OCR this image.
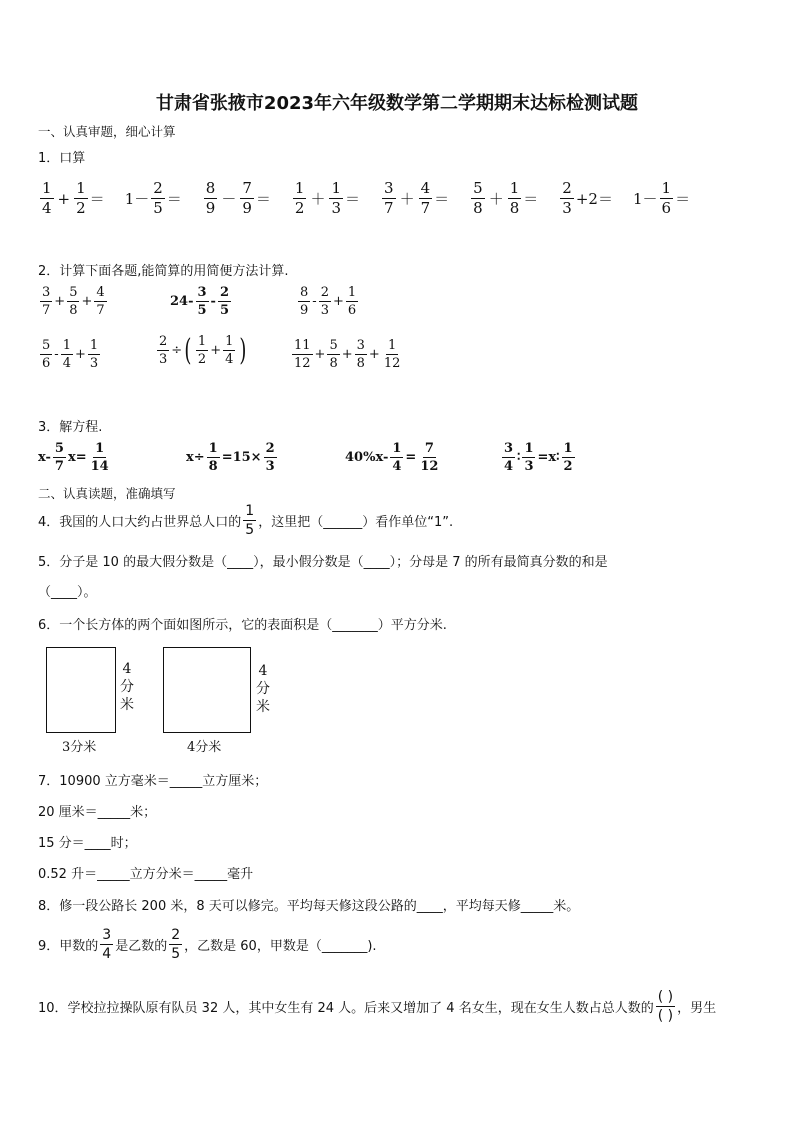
甘肃省张掖市2023年六年级数学第二学期期末达标检测试题
一、认真审题，细心计算
1．口算
$\frac{1}{4} + \frac{1}{2} = 1- \frac{2}{5} = \frac{8}{9} - \frac{7}{9} = \frac{1}{2} + \frac{1}{3} = \frac{3}{7} + \frac{4}{7} = \frac{5}{8} + \frac{1}{8} = \frac{2}{3} +2= 1- \frac{1}{6}$ ＝
2．计算下面各题,能简算的用简便方法计算.
$\frac{3}{7} + \frac{5}{8} + \frac{4}{7}$	$24- \frac{3}{5} - \frac{2}{5}$	$\frac{8}{9} - \frac{2}{3} + \frac{1}{6}$
$\frac{5}{6} - \frac{1}{4} + \frac{1}{3}$	$\frac{2}{3}$ ÷ ( $\frac{1}{2} + \frac{1}{4}$ )	$\frac{11}{12} + \frac{5}{8} + \frac{3}{8} + \frac{1}{12}$
3．解方程.
$x- \frac{5}{7} x= \frac{1}{14}$	$x\div \frac{1}{8} =15\times \frac{2}{3}$	$40\%x- \frac{1}{4} = \frac{7}{12}$	$\frac{3}{4}$ ∶ $\frac{1}{3}$ =x∶ $\frac{1}{2}$
二、认真读题，准确填写
4．我国的人口大约占世界总人口的 $\frac{1}{5}$ ，这里把（______）看作单位“1”.
5．分子是 10 的最大假分数是（____），最小假分数是（____）；分母是 7 的所有最简真分数的和是
（____）。
6．一个长方体的两个面如图所示，它的表面积是（_______）平方分米.
4
分
米
3分米
4
分
米
4分米
7．10900 立方毫米＝_____立方厘米；
20 厘米＝_____米；
15 分＝____时；
0.52 升＝_____立方分米＝_____毫升
8．修一段公路长 200 米，8 天可以修完。平均每天修这段公路的____，平均每天修_____米。
9．甲数的 $\frac{3}{4}$ 是乙数的 $\frac{2}{5}$ ，乙数是 60，甲数是（_______).
10．学校拉拉操队原有队员 32 人，其中女生有 24 人。后来又增加了 4 名女生，现在女生人数占总人数的 $\frac{( )}{( )}$ ，男生
